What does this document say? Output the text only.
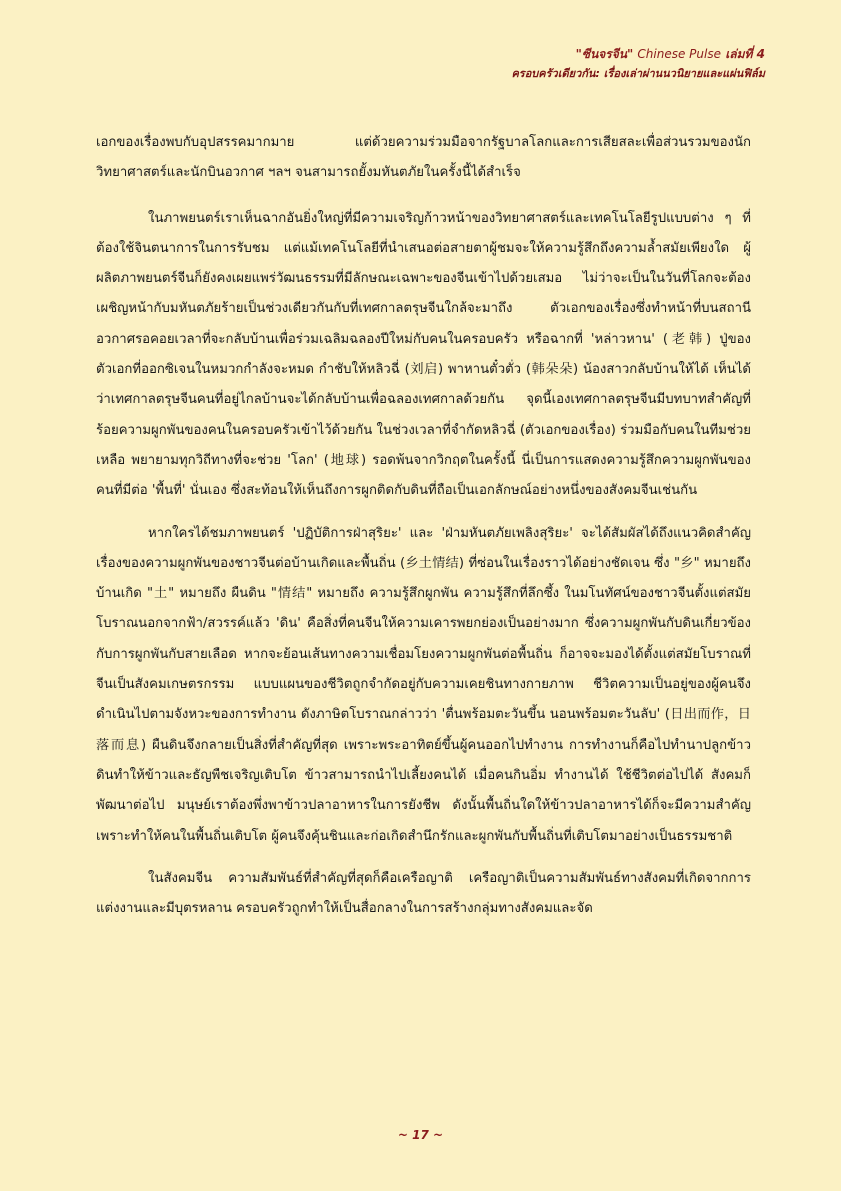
"ซีนจรจีน" Chinese Pulse เล่มที่ 4
ครอบครัวเดียวกัน: เรื่องเล่าผ่านนวนิยายและแผ่นฟิล์ม

เอกของเรื่องพบกับอุปสรรคมากมาย แต่ด้วยความร่วมมือจากรัฐบาลโลกและการเสียสละเพื่อส่วนรวมของนักวิทยาศาสตร์และนักบินอวกาศ ฯลฯ จนสามารถยั้งมหันตภัยในครั้งนี้ได้สำเร็จ

ในภาพยนตร์เราเห็นฉากอันยิ่งใหญ่ที่มีความเจริญก้าวหน้าของวิทยาศาสตร์และเทคโนโลยีรูปแบบต่าง ๆ ที่ต้องใช้จินตนาการในการรับชม แต่แม้เทคโนโลยีที่นำเสนอต่อสายตาผู้ชมจะให้ความรู้สึกถึงความล้ำสมัยเพียงใด ผู้ผลิตภาพยนตร์จีนก็ยังคงเผยแพร่วัฒนธรรมที่มีลักษณะเฉพาะของจีนเข้าไปด้วยเสมอ ไม่ว่าจะเป็นในวันที่โลกจะต้องเผชิญหน้ากับมหันตภัยร้ายเป็นช่วงเดียวกันกับที่เทศกาลตรุษจีนใกล้จะมาถึง ตัวเอกของเรื่องซึ่งทำหน้าที่บนสถานีอวกาศรอคอยเวลาที่จะกลับบ้านเพื่อร่วมเฉลิมฉลองปีใหม่กับคนในครอบครัว หรือฉากที่ 'หล่าวหาน' (老韩) ปู่ของตัวเอกที่ออกซิเจนในหมวกกำลังจะหมด กำชับให้หลิวฉี่ (刘启) พาหานตั๋วตั่ว (韩朵朵) น้องสาวกลับบ้านให้ได้ เห็นได้ว่าเทศกาลตรุษจีนคนที่อยู่ไกลบ้านจะได้กลับบ้านเพื่อฉลองเทศกาลด้วยกัน จุดนี้เองเทศกาลตรุษจีนมีบทบาทสำคัญที่ร้อยความผูกพันของคนในครอบครัวเข้าไว้ด้วยกัน ในช่วงเวลาที่จำกัดหลิวฉี่ (ตัวเอกของเรื่อง) ร่วมมือกับคนในทีมช่วยเหลือ พยายามทุกวิถีทางที่จะช่วย 'โลก' (地球) รอดพ้นจากวิกฤตในครั้งนี้ นี่เป็นการแสดงความรู้สึกความผูกพันของคนที่มีต่อ 'พื้นที่' นั่นเอง ซึ่งสะท้อนให้เห็นถึงการผูกติดกับดินที่ถือเป็นเอกลักษณ์อย่างหนึ่งของสังคมจีนเช่นกัน

หากใครได้ชมภาพยนตร์ 'ปฏิบัติการฝ่าสุริยะ' และ 'ฝ่ามหันตภัยเพลิงสุริยะ' จะได้สัมผัสได้ถึงแนวคิดสำคัญเรื่องของความผูกพันของชาวจีนต่อบ้านเกิดและพื้นถิ่น (乡土情结) ที่ซ่อนในเรื่องราวได้อย่างชัดเจน ซึ่ง "乡" หมายถึง บ้านเกิด "土" หมายถึง ผืนดิน "情结" หมายถึง ความรู้สึกผูกพัน ความรู้สึกที่ลึกซึ้ง ในมโนทัศน์ของชาวจีนตั้งแต่สมัยโบราณนอกจากฟ้า/สวรรค์แล้ว 'ดิน' คือสิ่งที่คนจีนให้ความเคารพยกย่องเป็นอย่างมาก ซึ่งความผูกพันกับดินเกี่ยวข้องกับการผูกพันกับสายเลือด หากจะย้อนเส้นทางความเชื่อมโยงความผูกพันต่อพื้นถิ่น ก็อาจจะมองได้ตั้งแต่สมัยโบราณที่จีนเป็นสังคมเกษตรกรรม แบบแผนของชีวิตถูกจำกัดอยู่กับความเคยชินทางกายภาพ ชีวิตความเป็นอยู่ของผู้คนจึงดำเนินไปตามจังหวะของการทำงาน ดังภาษิตโบราณกล่าวว่า 'ตื่นพร้อมตะวันขึ้น นอนพร้อมตะวันลับ' (日出而作，日落而息) ผืนดินจึงกลายเป็นสิ่งที่สำคัญที่สุด เพราะพระอาทิตย์ขึ้นผู้คนออกไปทำงาน การทำงานก็คือไปทำนาปลูกข้าว ดินทำให้ข้าวและธัญพืชเจริญเติบโต ข้าวสามารถนำไปเลี้ยงคนได้ เมื่อคนกินอิ่ม ทำงานได้ ใช้ชีวิตต่อไปได้ สังคมก็พัฒนาต่อไป มนุษย์เราต้องพึ่งพาข้าวปลาอาหารในการยังชีพ ดังนั้นพื้นถิ่นใดให้ข้าวปลาอาหารได้ก็จะมีความสำคัญ เพราะทำให้คนในพื้นถิ่นเติบโต ผู้คนจึงคุ้นชินและก่อเกิดสำนึกรักและผูกพันกับพื้นถิ่นที่เติบโตมาอย่างเป็นธรรมชาติ

ในสังคมจีน ความสัมพันธ์ที่สำคัญที่สุดก็คือเครือญาติ เครือญาติเป็นความสัมพันธ์ทางสังคมที่เกิดจากการแต่งงานและมีบุตรหลาน ครอบครัวถูกทำให้เป็นสื่อกลางในการสร้างกลุ่มทางสังคมและจัด

~ 17 ~
